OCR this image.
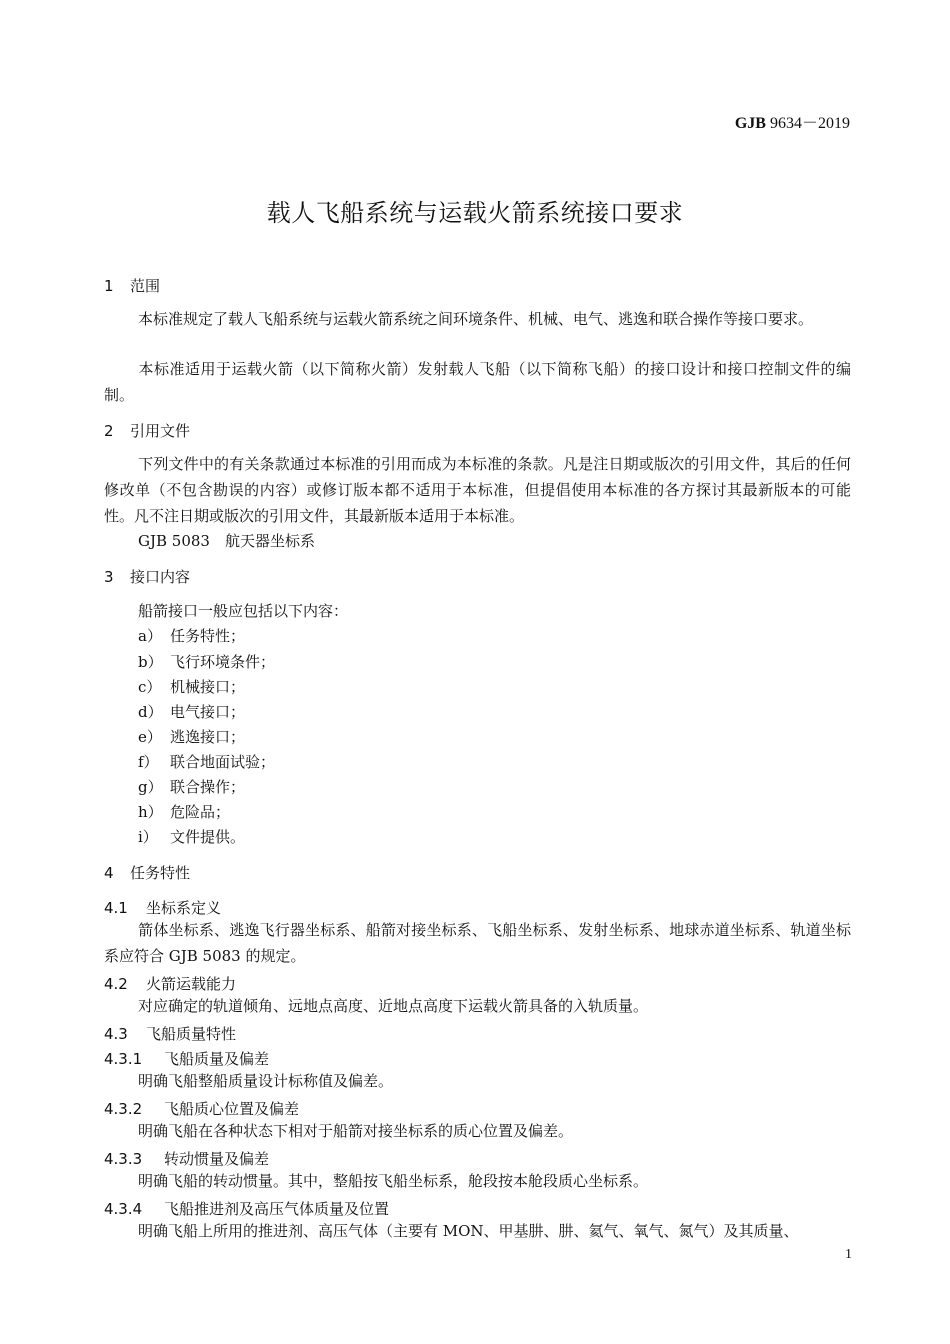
GJB 9634－2019
载人飞船系统与运载火箭系统接口要求
1 范围
本标准规定了载人飞船系统与运载火箭系统之间环境条件、机械、电气、逃逸和联合操作等接口要求。
本标准适用于运载火箭（以下简称火箭）发射载人飞船（以下简称飞船）的接口设计和接口控制文件的编制。
2 引用文件
下列文件中的有关条款通过本标准的引用而成为本标准的条款。凡是注日期或版次的引用文件，其后的任何修改单（不包含勘误的内容）或修订版本都不适用于本标准，但提倡使用本标准的各方探讨其最新版本的可能性。凡不注日期或版次的引用文件，其最新版本适用于本标准。
GJB 5083　航天器坐标系
3 接口内容
船箭接口一般应包括以下内容：
a） 任务特性；
b） 飞行环境条件；
c） 机械接口；
d） 电气接口；
e） 逃逸接口；
f） 联合地面试验；
g） 联合操作；
h） 危险品；
i） 文件提供。
4 任务特性
4.1 坐标系定义
箭体坐标系、逃逸飞行器坐标系、船箭对接坐标系、飞船坐标系、发射坐标系、地球赤道坐标系、轨道坐标系应符合 GJB 5083 的规定。
4.2 火箭运载能力
对应确定的轨道倾角、远地点高度、近地点高度下运载火箭具备的入轨质量。
4.3 飞船质量特性
4.3.1 飞船质量及偏差
明确飞船整船质量设计标称值及偏差。
4.3.2 飞船质心位置及偏差
明确飞船在各种状态下相对于船箭对接坐标系的质心位置及偏差。
4.3.3 转动惯量及偏差
明确飞船的转动惯量。其中，整船按飞船坐标系，舱段按本舱段质心坐标系。
4.3.4 飞船推进剂及高压气体质量及位置
明确飞船上所用的推进剂、高压气体（主要有 MON、甲基肼、肼、氦气、氧气、氮气）及其质量、
1
